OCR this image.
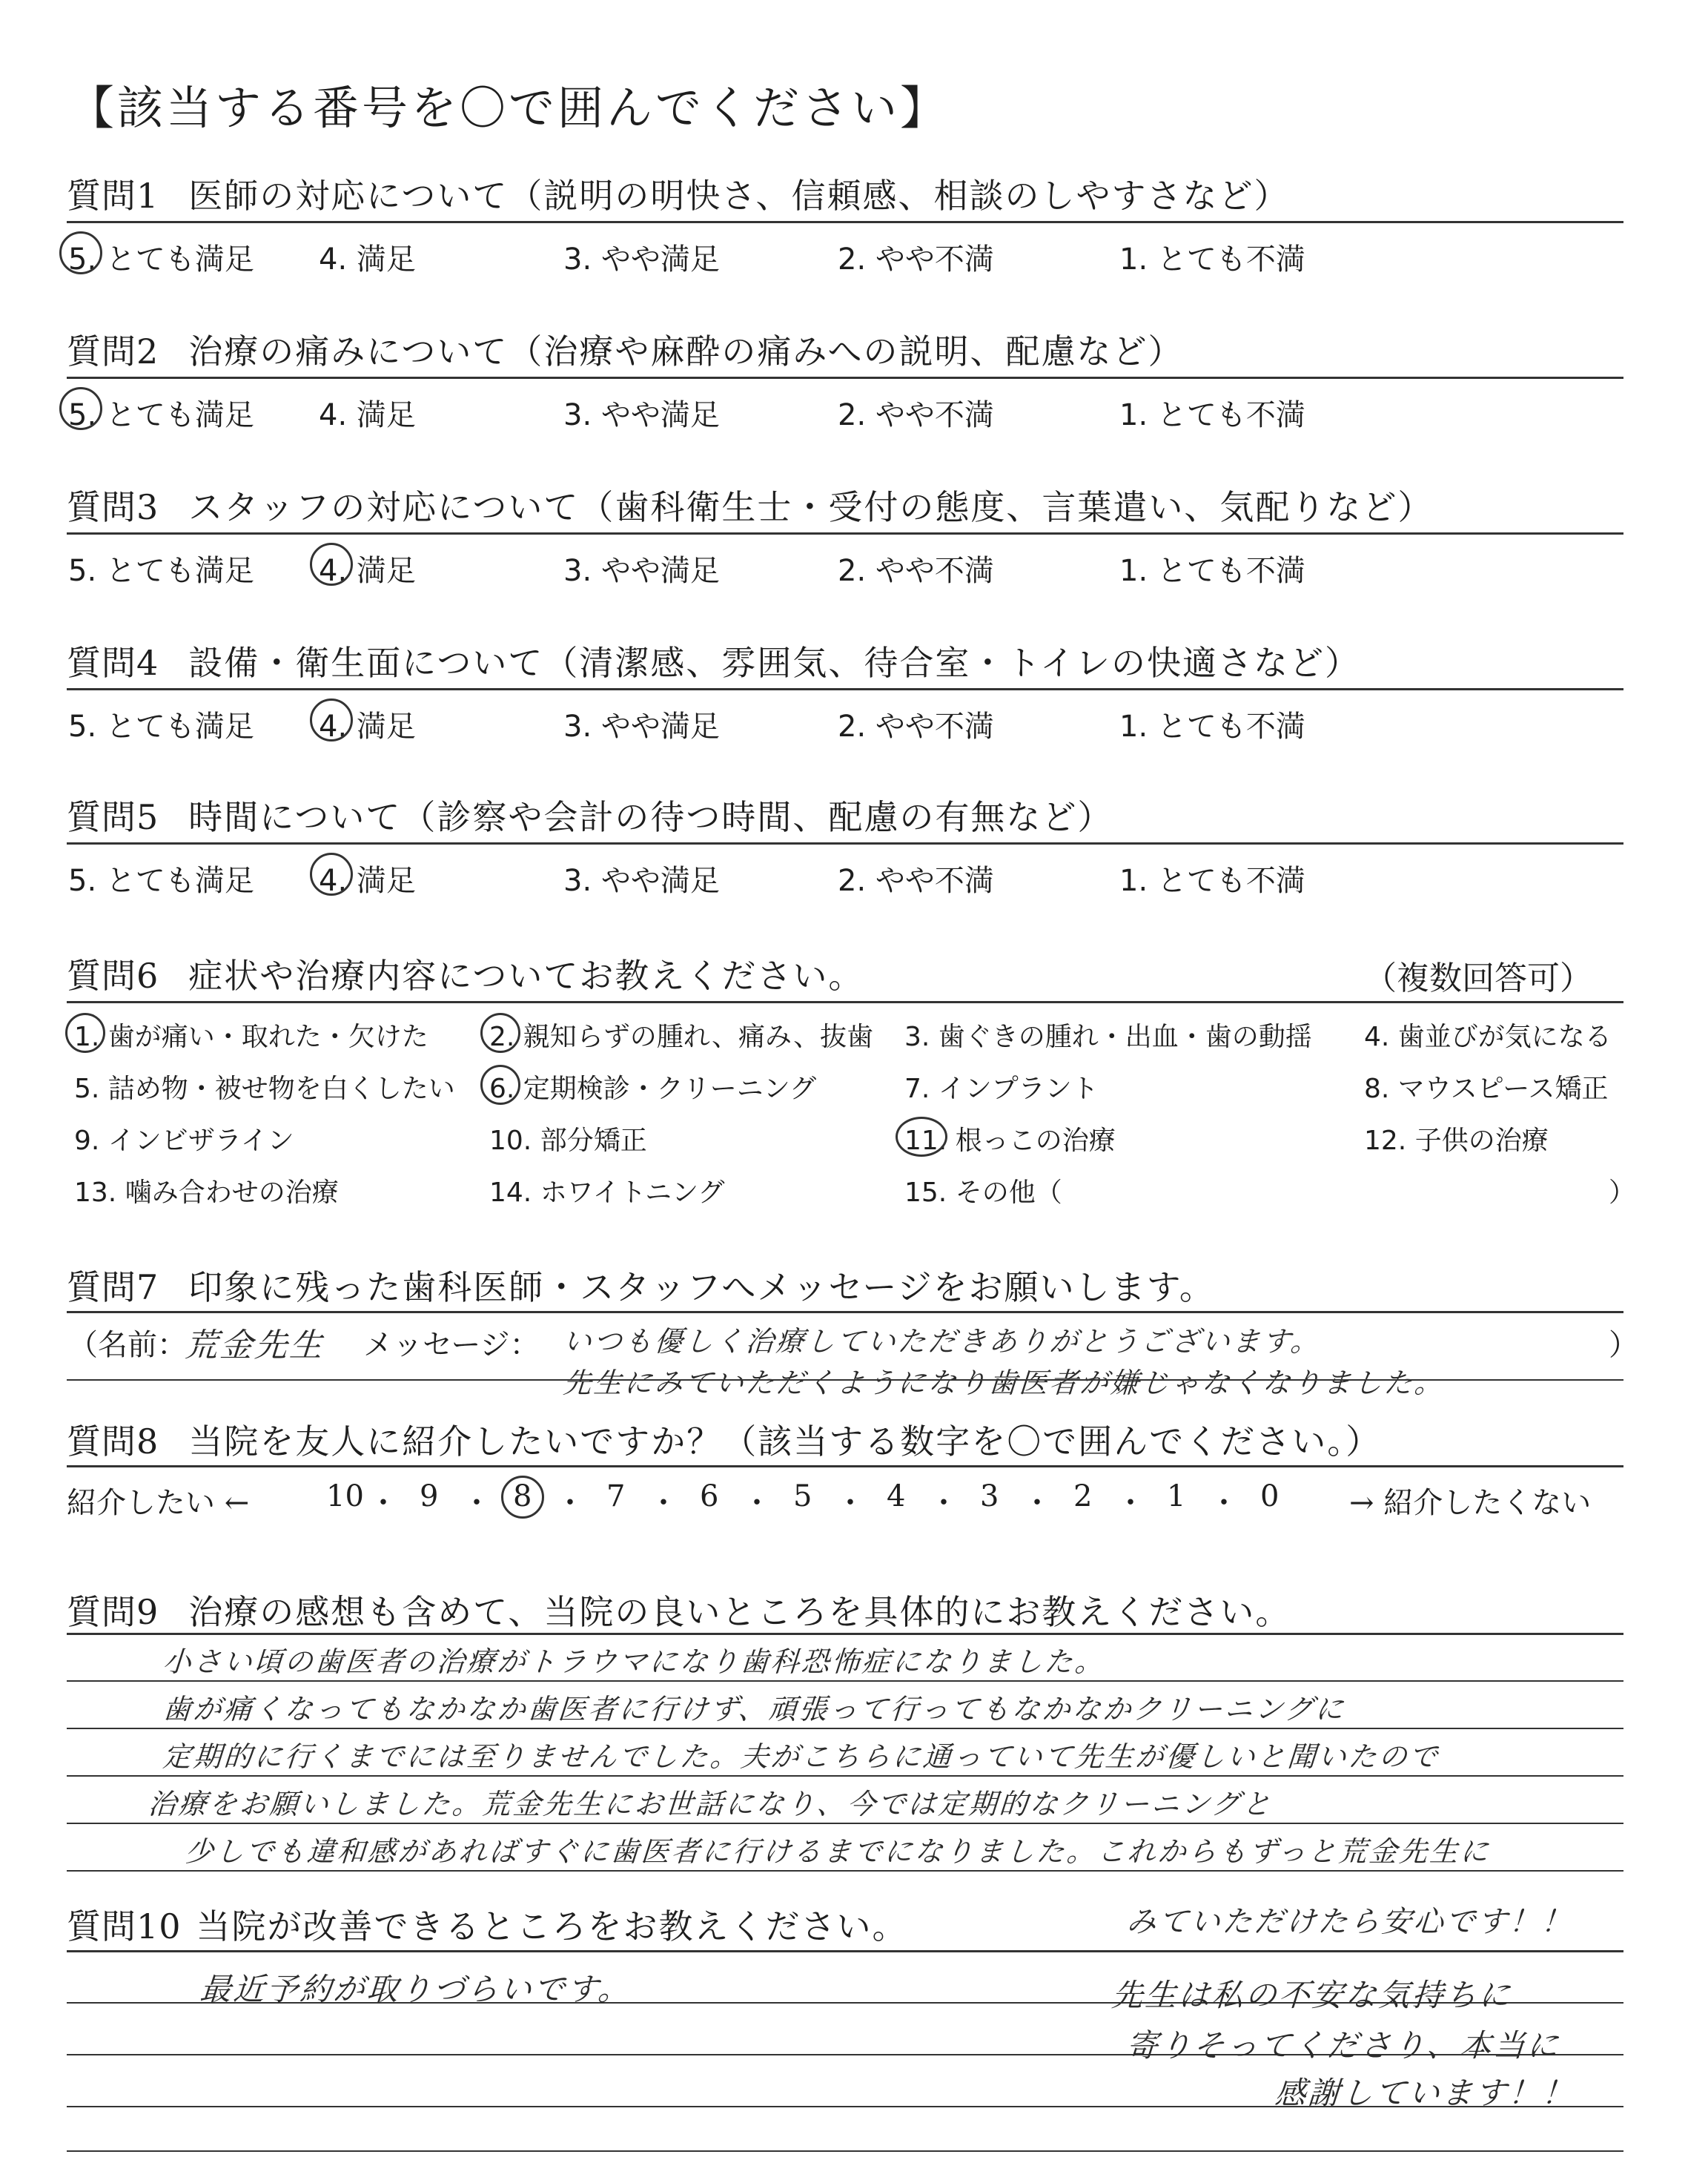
【該当する番号を〇で囲んでください】
質問1 医師の対応について（説明の明快さ、信頼感、相談のしやすさなど）
5. とても満足 4. 満足	3. やや満足	2. やや不満	1. とても不満
質問2 治療の痛みについて（治療や麻酔の痛みへの説明、配慮など）
5. とても満足 4. 満足	3. やや満足	2. やや不満	1. とても不満
質問3 スタッフの対応について（歯科衛生士・受付の態度、言葉遣い、気配りなど）
5. とても満足 4. 満足	3. やや満足	2. やや不満	1. とても不満
質問4 設備・衛生面について（清潔感、雰囲気、待合室・トイレの快適さなど）
5. とても満足 4. 満足	3. やや満足	2. やや不満	1. とても不満
質問5 時間について（診察や会計の待つ時間、配慮の有無など）
5. とても満足 4. 満足	3. やや満足	2. やや不満	1. とても不満
質問6 症状や治療内容についてお教えください。	（複数回答可）
1. 歯が痛い・取れた・欠けた 2. 親知らずの腫れ、痛み、抜歯 3. 歯ぐきの腫れ・出血・歯の動揺 4. 歯並びが気になる
5. 詰め物・被せ物を白くしたい 6. 定期検診・クリーニング	7. インプラント	8. マウスピース矯正
9. インビザライン	10. 部分矯正	11. 根っこの治療	12. 子供の治療
13. 噛み合わせの治療	14. ホワイトニング	15. その他（	）
質問7 印象に残った歯科医師・スタッフへメッセージをお願いします。
（名前：
荒金先生 メッセージ： いつも優しく治療していただきありがとうございます。
先生にみていただくようになり歯医者が嫌じゃなくなりました。
）
質問8 当院を友人に紹介したいですか？（該当する数字を〇で囲んでください。）
紹介したい ←	→ 紹介したくない
10 ・ 9 ・ 8 ・ 7 ・ 6 ・ 5 ・ 4 ・ 3 ・ 2 ・ 1 ・ 0
質問9 治療の感想も含めて、当院の良いところを具体的にお教えください。
小さい頃の歯医者の治療がトラウマになり歯科恐怖症になりました。
歯が痛くなってもなかなか歯医者に行けず、頑張って行ってもなかなかクリーニングに
定期的に行くまでには至りませんでした。夫がこちらに通っていて先生が優しいと聞いたので
治療をお願いしました。荒金先生にお世話になり、今では定期的なクリーニングと
少しでも違和感があればすぐに歯医者に行けるまでになりました。これからもずっと荒金先生に
みていただけたら安心です！！
質問10 当院が改善できるところをお教えください。
最近予約が取りづらいです。	先生は私の不安な気持ちに
寄りそってくださり、本当に
感謝しています！！
